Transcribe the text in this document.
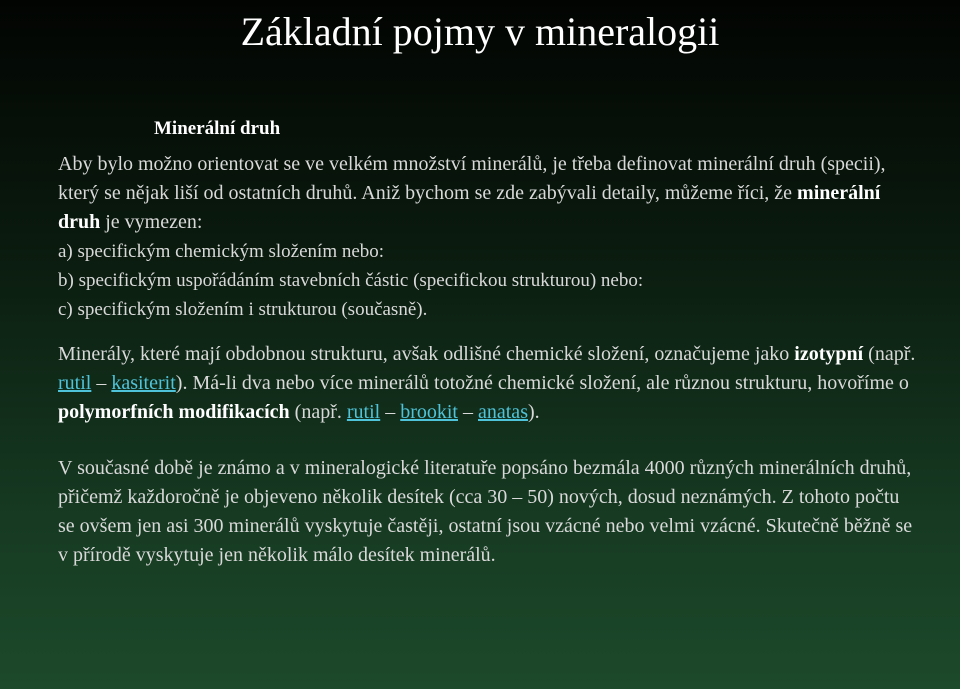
Základní pojmy v mineralogii
Minerální druh
Aby bylo možno orientovat se ve velkém množství minerálů, je třeba definovat minerální druh (specii), který se nějak liší od ostatních druhů. Aniž bychom se zde zabývali detaily, můžeme říci, že minerální druh je vymezen:
a) specifickým chemickým složením nebo:
b) specifickým uspořádáním stavebních částic (specifickou strukturou) nebo:
c) specifickým složením i strukturou (současně).
Minerály, které mají obdobnou strukturu, avšak odlišné chemické složení, označujeme jako izotypní (např. rutil – kasiterit). Má-li dva nebo více minerálů totožné chemické složení, ale různou strukturu, hovoříme o polymorfních modifikacích (např. rutil – brookit – anatas).
V současné době je známo a v mineralogické literatuře popsáno bezmála 4000 různých minerálních druhů, přičemž každoročně je objeveno několik desítek (cca 30 – 50) nových, dosud neznámých. Z tohoto počtu se ovšem jen asi 300 minerálů vyskytuje častěji, ostatní jsou vzácné nebo velmi vzácné. Skutečně běžně se v přírodě vyskytuje jen několik málo desítek minerálů.
